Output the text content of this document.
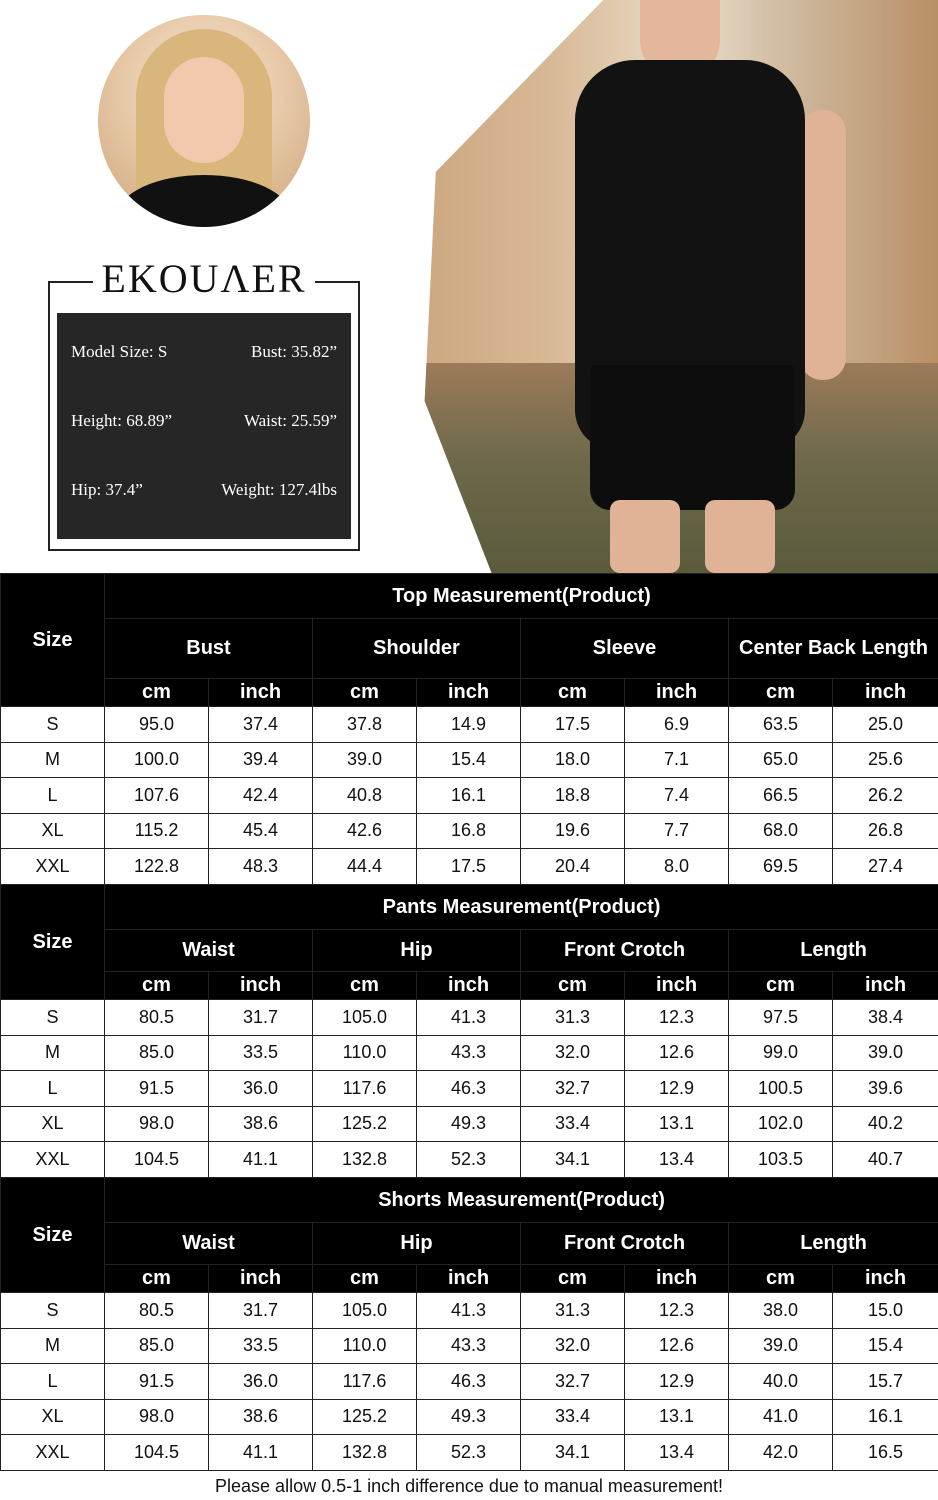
EKOUΛER
Model Size: S	Bust: 35.82”
Height: 68.89”	Waist: 25.59”
Hip: 37.4”	Weight: 127.4lbs
Size	Top Measurement(Product)							
	Bust		Shoulder		Sleeve		Center Back Length	
	cm	inch	cm	inch	cm	inch	cm	inch
S	95.0	37.4	37.8	14.9	17.5	6.9	63.5	25.0
M	100.0	39.4	39.0	15.4	18.0	7.1	65.0	25.6
L	107.6	42.4	40.8	16.1	18.8	7.4	66.5	26.2
XL	115.2	45.4	42.6	16.8	19.6	7.7	68.0	26.8
XXL	122.8	48.3	44.4	17.5	20.4	8.0	69.5	27.4
Size	Pants Measurement(Product)							
	Waist		Hip		Front Crotch		Length	
	cm	inch	cm	inch	cm	inch	cm	inch
S	80.5	31.7	105.0	41.3	31.3	12.3	97.5	38.4
M	85.0	33.5	110.0	43.3	32.0	12.6	99.0	39.0
L	91.5	36.0	117.6	46.3	32.7	12.9	100.5	39.6
XL	98.0	38.6	125.2	49.3	33.4	13.1	102.0	40.2
XXL	104.5	41.1	132.8	52.3	34.1	13.4	103.5	40.7
Size	Shorts Measurement(Product)							
	Waist		Hip		Front Crotch		Length	
	cm	inch	cm	inch	cm	inch	cm	inch
S	80.5	31.7	105.0	41.3	31.3	12.3	38.0	15.0
M	85.0	33.5	110.0	43.3	32.0	12.6	39.0	15.4
L	91.5	36.0	117.6	46.3	32.7	12.9	40.0	15.7
XL	98.0	38.6	125.2	49.3	33.4	13.1	41.0	16.1
XXL	104.5	41.1	132.8	52.3	34.1	13.4	42.0	16.5
Please allow 0.5-1 inch difference due to manual measurement!
